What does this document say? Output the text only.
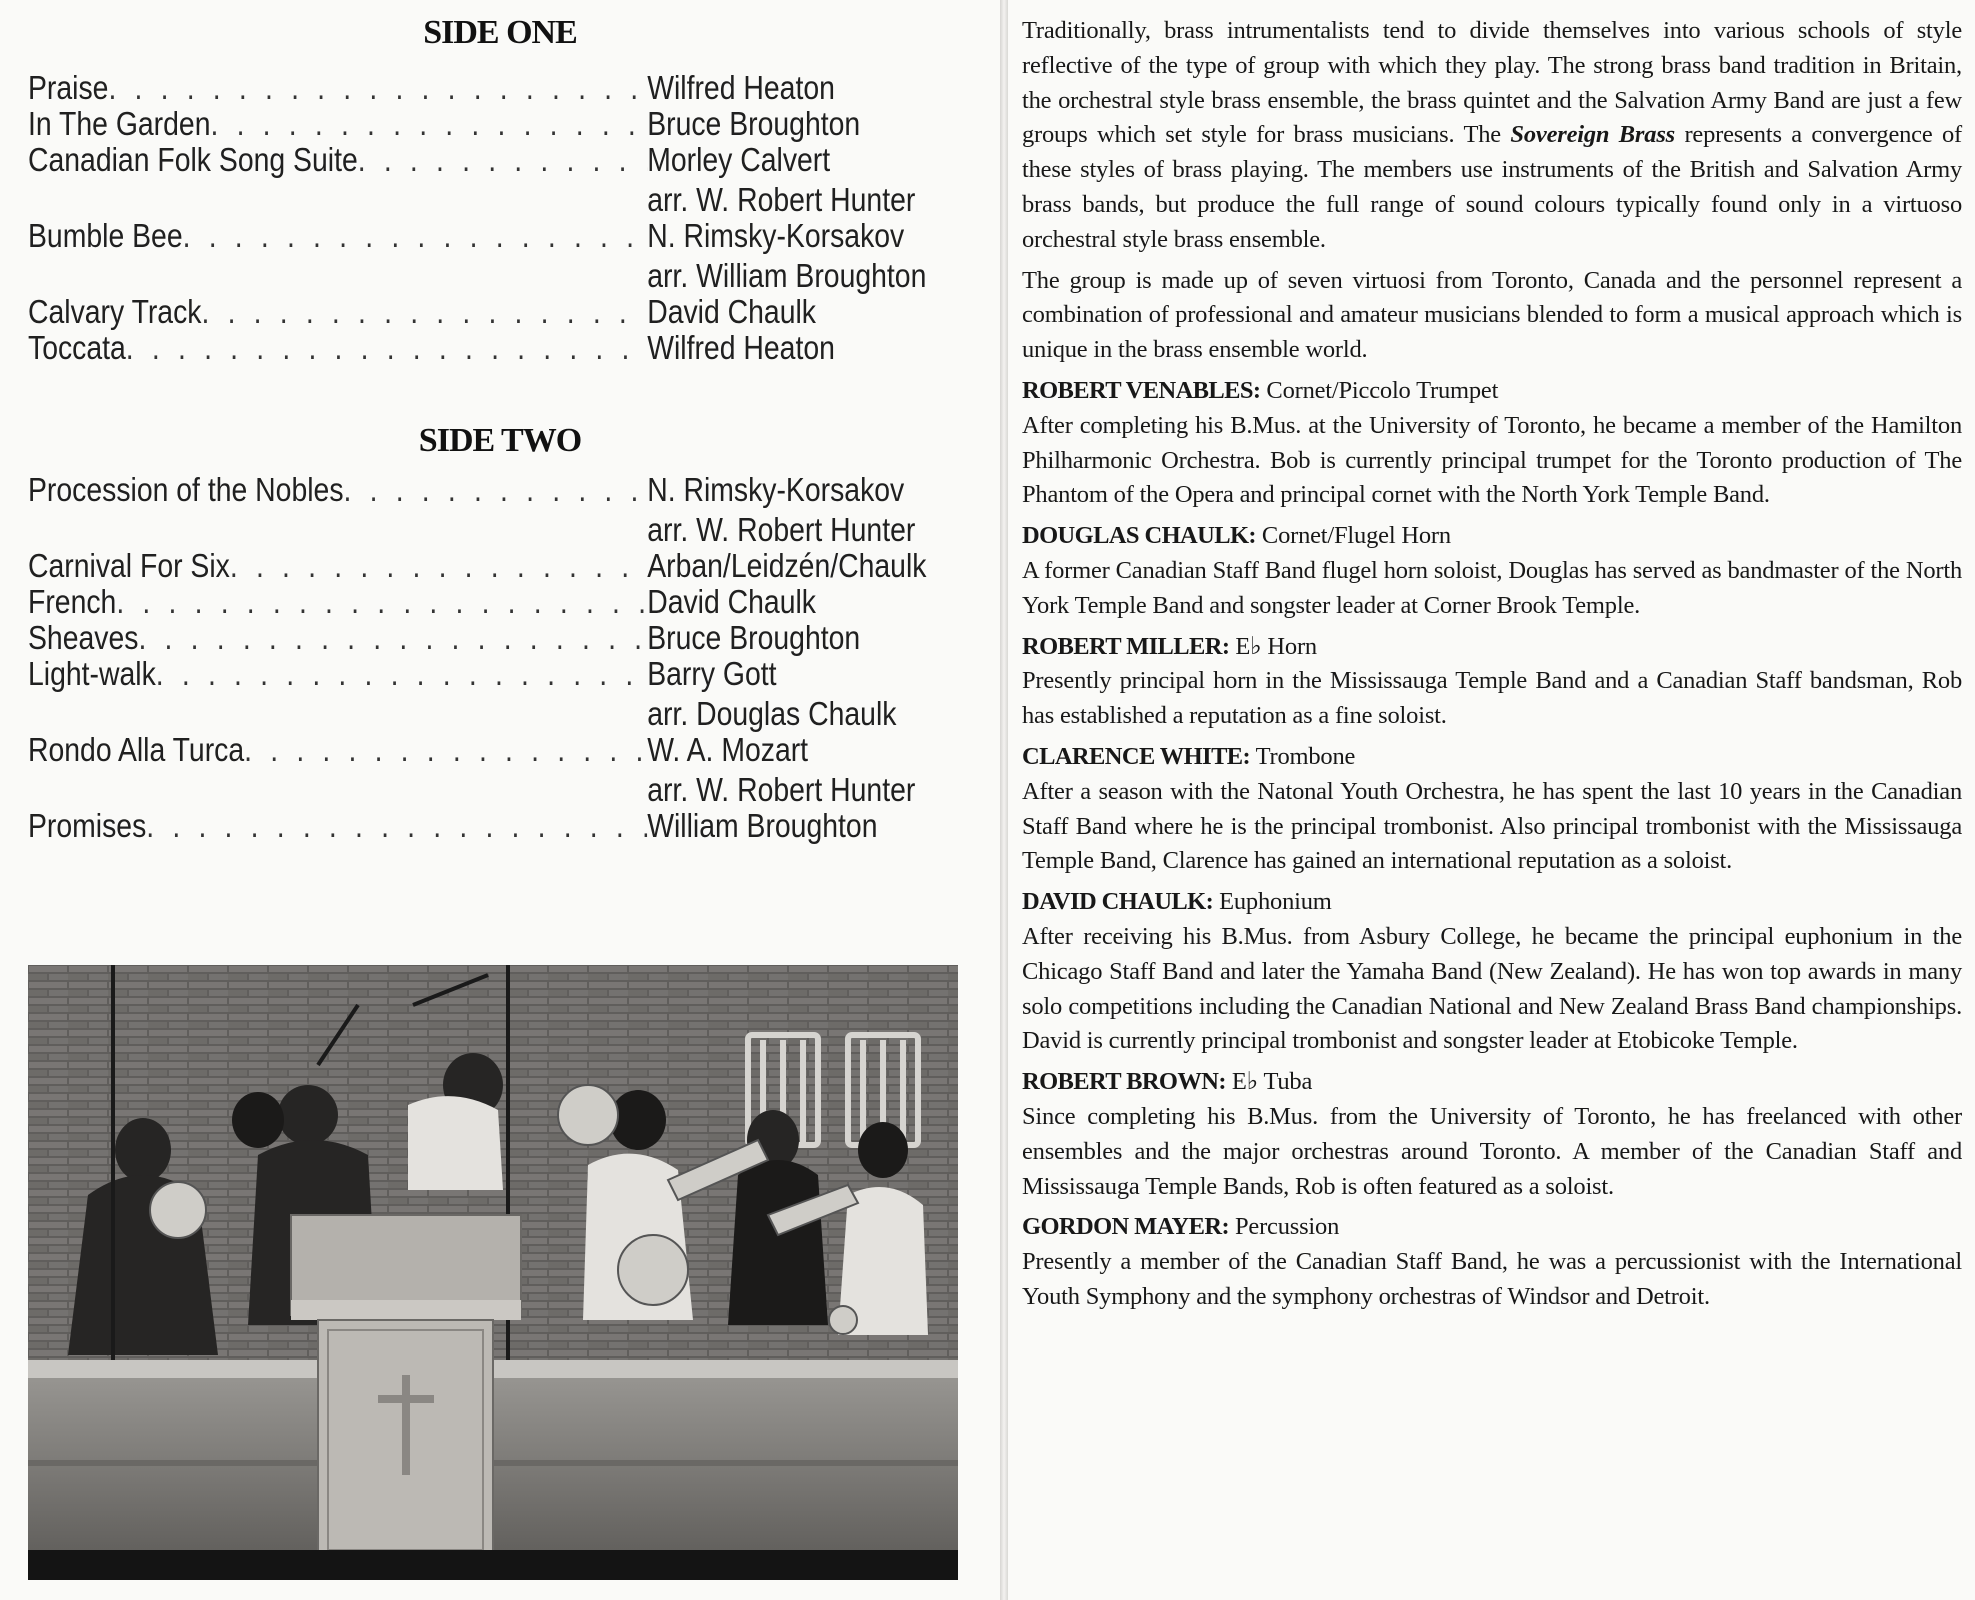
SIDE ONE
Praise . . .	Wilfred Heaton
In The Garden . . .	Bruce Broughton
Canadian Folk Song Suite . . .	Morley Calvert
arr. W. Robert Hunter
Bumble Bee . . .	N. Rimsky-Korsakov
arr. William Broughton
Calvary Track . . .	David Chaulk
Toccata . . .	Wilfred Heaton
SIDE TWO
Procession of the Nobles . . .	N. Rimsky-Korsakov
arr. W. Robert Hunter
Carnival For Six . . .	Arban/Leidzén/Chaulk
French . . .	David Chaulk
Sheaves . . .	Bruce Broughton
Light-walk . . .	Barry Gott
arr. Douglas Chaulk
Rondo Alla Turca . . .	W. A. Mozart
arr. W. Robert Hunter
Promises . . .	William Broughton

Traditionally, brass intrumentalists tend to divide themselves into various schools of style reflective of the type of group with which they play. The strong brass band tradition in Britain, the orchestral style brass ensemble, the brass quintet and the Salvation Army Band are just a few groups which set style for brass musicians. The Sovereign Brass represents a convergence of these styles of brass playing. The members use instruments of the British and Salvation Army brass bands, but produce the full range of sound colours typically found only in a virtuoso orchestral style brass ensemble.

The group is made up of seven virtuosi from Toronto, Canada and the personnel represent a combination of professional and amateur musicians blended to form a musical approach which is unique in the brass ensemble world.

ROBERT VENABLES: Cornet/Piccolo Trumpet

After completing his B.Mus. at the University of Toronto, he became a member of the Hamilton Philharmonic Orchestra. Bob is currently principal trumpet for the Toronto production of The Phantom of the Opera and principal cornet with the North York Temple Band.

DOUGLAS CHAULK: Cornet/Flugel Horn

A former Canadian Staff Band flugel horn soloist, Douglas has served as bandmaster of the North York Temple Band and songster leader at Corner Brook Temple.

ROBERT MILLER: E♭ Horn

Presently principal horn in the Mississauga Temple Band and a Canadian Staff bandsman, Rob has established a reputation as a fine soloist.

CLARENCE WHITE: Trombone

After a season with the Natonal Youth Orchestra, he has spent the last 10 years in the Canadian Staff Band where he is the principal trombonist. Also principal trombonist with the Mississauga Temple Band, Clarence has gained an international reputation as a soloist.

DAVID CHAULK: Euphonium

After receiving his B.Mus. from Asbury College, he became the principal euphonium in the Chicago Staff Band and later the Yamaha Band (New Zealand). He has won top awards in many solo competitions including the Canadian National and New Zealand Brass Band championships. David is currently principal trombonist and songster leader at Etobicoke Temple.

ROBERT BROWN: E♭ Tuba

Since completing his B.Mus. from the University of Toronto, he has freelanced with other ensembles and the major orchestras around Toronto. A member of the Canadian Staff and Mississauga Temple Bands, Rob is often featured as a soloist.

GORDON MAYER: Percussion

Presently a member of the Canadian Staff Band, he was a percussionist with the International Youth Symphony and the symphony orchestras of Windsor and Detroit.
